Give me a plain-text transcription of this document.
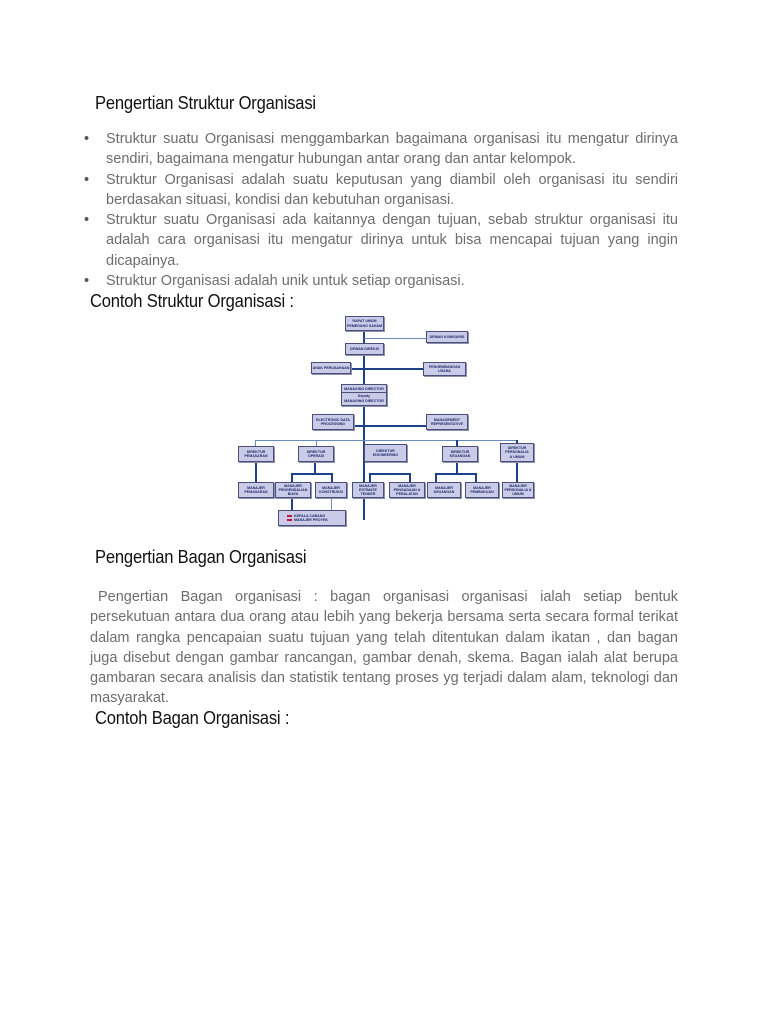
Pengertian Struktur Organisasi
• Struktur suatu Organisasi menggambarkan bagaimana organisasi itu mengatur dirinya sendiri, bagaimana mengatur hubungan antar orang dan antar kelompok.
• Struktur Organisasi adalah suatu keputusan yang diambil oleh organisasi itu sendiri berdasakan situasi, kondisi dan kebutuhan organisasi.
• Struktur suatu Organisasi ada kaitannya dengan tujuan, sebab struktur organisasi itu adalah cara organisasi itu mengatur dirinya untuk bisa mencapai tujuan yang ingin dicapainya.
• Struktur Organisasi adalah unik untuk setiap organisasi.
Contoh Struktur Organisasi :
RAPAT UMUM PEMEGANG SAHAM
DEWAN KOMISARIS
DEWAN DIREKSI
ANAK PERUSAHAAN	PENGEMBANGAN
USAHA
MANAGING DIRECTOR
Deputy
MANAGING DIRECTOR
ELECTRONIC DATA PROCESSING
MANAGEMENT REPRESENTATIVE
DIREKTUR PEMASARAN
DIREKTUR OPERASI
DIREKTUR ENGINEERING
DIREKTUR KEUANGAN
DIREKTUR
PERSONALIA
& UMUM
MANAJER PEMASARAN
MANAJER
PENGENDALIAN BIAYA
MANAJER KONSTRUKSI
MANAJER
ESTIMATE TENDER
MANAJER
PENGADAAN & PERALATAN
MANAJER KEUANGAN
MANAJER PEMBUKUAN
MANAJER
PERSONALIA & UMUM
KEPALA CABANG
MANAJER PROYEK
Pengertian Bagan Organisasi
Pengertian Bagan organisasi : bagan organisasi organisasi ialah setiap bentuk persekutuan antara dua orang atau lebih yang bekerja bersama serta secara formal terikat dalam rangka pencapaian suatu tujuan yang telah ditentukan dalam ikatan , dan bagan juga disebut dengan gambar rancangan, gambar denah, skema. Bagan ialah alat berupa gambaran secara analisis dan statistik tentang proses yg terjadi dalam alam, teknologi dan masyarakat.
Contoh Bagan Organisasi :
